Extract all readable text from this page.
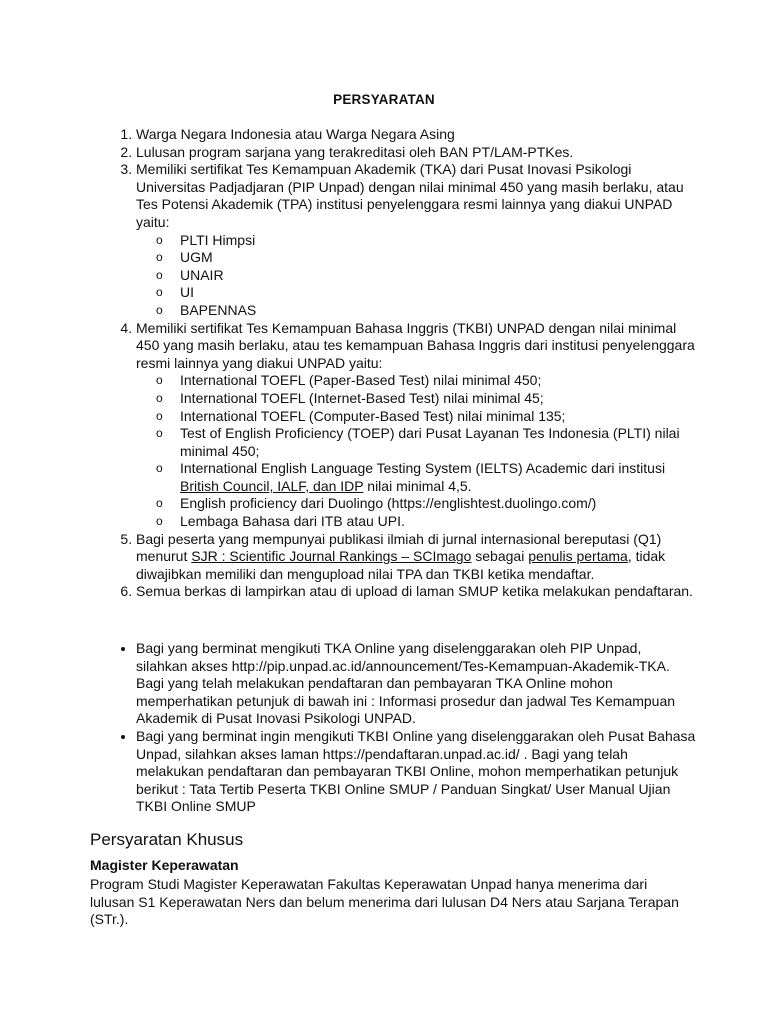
PERSYARATAN
1. Warga Negara Indonesia atau Warga Negara Asing
2. Lulusan program sarjana yang terakreditasi oleh BAN PT/LAM-PTKes.
3. Memiliki sertifikat Tes Kemampuan Akademik (TKA) dari Pusat Inovasi Psikologi Universitas Padjadjaran (PIP Unpad) dengan nilai minimal 450 yang masih berlaku, atau Tes Potensi Akademik (TPA) institusi penyelenggara resmi lainnya yang diakui UNPAD yaitu:
o PLTI Himpsi
o UGM
o UNAIR
o UI
o BAPENNAS
4. Memiliki sertifikat Tes Kemampuan Bahasa Inggris (TKBI) UNPAD dengan nilai minimal 450 yang masih berlaku, atau tes kemampuan Bahasa Inggris dari institusi penyelenggara resmi lainnya yang diakui UNPAD yaitu:
o International TOEFL (Paper-Based Test) nilai minimal 450;
o International TOEFL (Internet-Based Test) nilai minimal 45;
o International TOEFL (Computer-Based Test) nilai minimal 135;
o Test of English Proficiency (TOEP) dari Pusat Layanan Tes Indonesia (PLTI) nilai minimal 450;
o International English Language Testing System (IELTS) Academic dari institusi British Council, IALF, dan IDP nilai minimal 4,5.
o English proficiency dari Duolingo (https://englishtest.duolingo.com/)
o Lembaga Bahasa dari ITB atau UPI.
5. Bagi peserta yang mempunyai publikasi ilmiah di jurnal internasional bereputasi (Q1) menurut SJR : Scientific Journal Rankings – SCImago sebagai penulis pertama, tidak diwajibkan memiliki dan mengupload nilai TPA dan TKBI ketika mendaftar.
6. Semua berkas di lampirkan atau di upload di laman SMUP ketika melakukan pendaftaran.
• Bagi yang berminat mengikuti TKA Online yang diselenggarakan oleh PIP Unpad, silahkan akses http://pip.unpad.ac.id/announcement/Tes-Kemampuan-Akademik-TKA. Bagi yang telah melakukan pendaftaran dan pembayaran TKA Online mohon memperhatikan petunjuk di bawah ini : Informasi prosedur dan jadwal Tes Kemampuan Akademik di Pusat Inovasi Psikologi UNPAD.
• Bagi yang berminat ingin mengikuti TKBI Online yang diselenggarakan oleh Pusat Bahasa Unpad, silahkan akses laman https://pendaftaran.unpad.ac.id/ . Bagi yang telah melakukan pendaftaran dan pembayaran TKBI Online, mohon memperhatikan petunjuk berikut : Tata Tertib Peserta TKBI Online SMUP / Panduan Singkat/ User Manual Ujian TKBI Online SMUP
Persyaratan Khusus
Magister Keperawatan

Program Studi Magister Keperawatan Fakultas Keperawatan Unpad hanya menerima dari lulusan S1 Keperawatan Ners dan belum menerima dari lulusan D4 Ners atau Sarjana Terapan (STr.).
